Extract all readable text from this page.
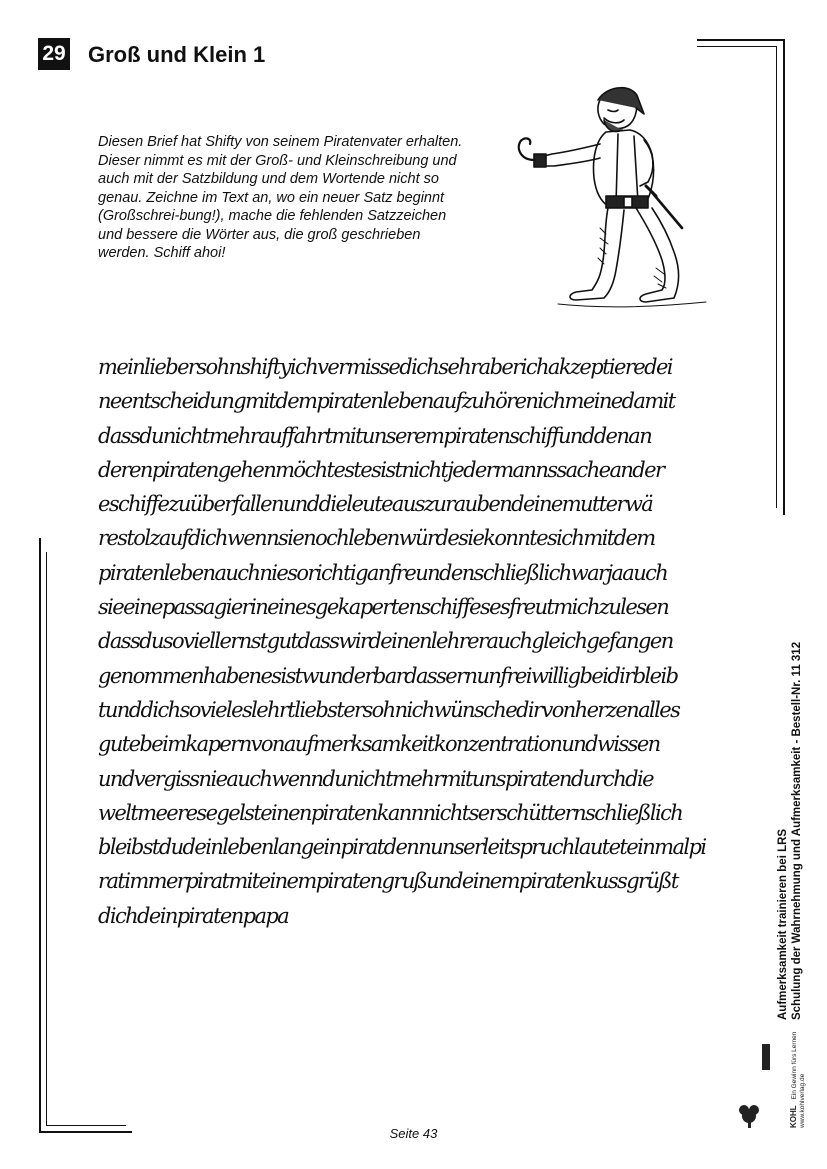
29 Groß und Klein 1
Diesen Brief hat Shifty von seinem Piratenvater erhalten. Dieser nimmt es mit der Groß- und Kleinschreibung und auch mit der Satzbildung und dem Wortende nicht so genau. Zeichne im Text an, wo ein neuer Satz beginnt (Großschrei-bung!), mache die fehlenden Satzzeichen und bessere die Wörter aus, die groß geschrieben werden. Schiff ahoi!
meinliebersohnshiftyichvermissedichsehraberichakzeptieredei
neentscheidungmitdempiratenlebenaufzuhörenichmeinedamit
dassdunichtmehrauffahrtmitunserempiratenschiffunddenan
derenpiratengehenmöchtestesistnichtjedermannssacheander
eschiffezuüberfallenunddieleuteauszuraubendeinemutterwä
restolzaufdichwennsienochlebenwürdesiekonntesichmitdem
piratenlebenauchniesorichtiganfreundenschließlichwarjaauch
sieeinepassagierineinesgekapertenschiffesesfreutmichzulesen
dassdusoviellernstgutdasswirdeinenlehrerauchgleichgefangen
genommenhabenesistwunderbardassernunfreiwilligbeidirbleib
tunddichsovieleslehrtliebstersohnichwünschedirvonherzenalles
gutebeimkapernvonaufmerksamkeitkonzentrationundwissen
undvergissnieauchwenndunichtmehrmitunspiratendurchdie
weltmeeresegelsteinenpiratenkannnichtserschütternschließlich
bleibstdudeinlebenlangeinpiratdennunserleitspruchlauteteinmalpi
ratimmerpiratmiteinempiratengrußundeinempiratenkussgrüßt
dichdeinpiratenpapa	Aufmerksamkeit trainieren bei LRS Schulung der Wahrnehmung und Aufmerksamkeit - Bestell-Nr. 11 312
KOHL Ein Gewinn fürs Lernen
www.kohlverlag.de
Seite 43
